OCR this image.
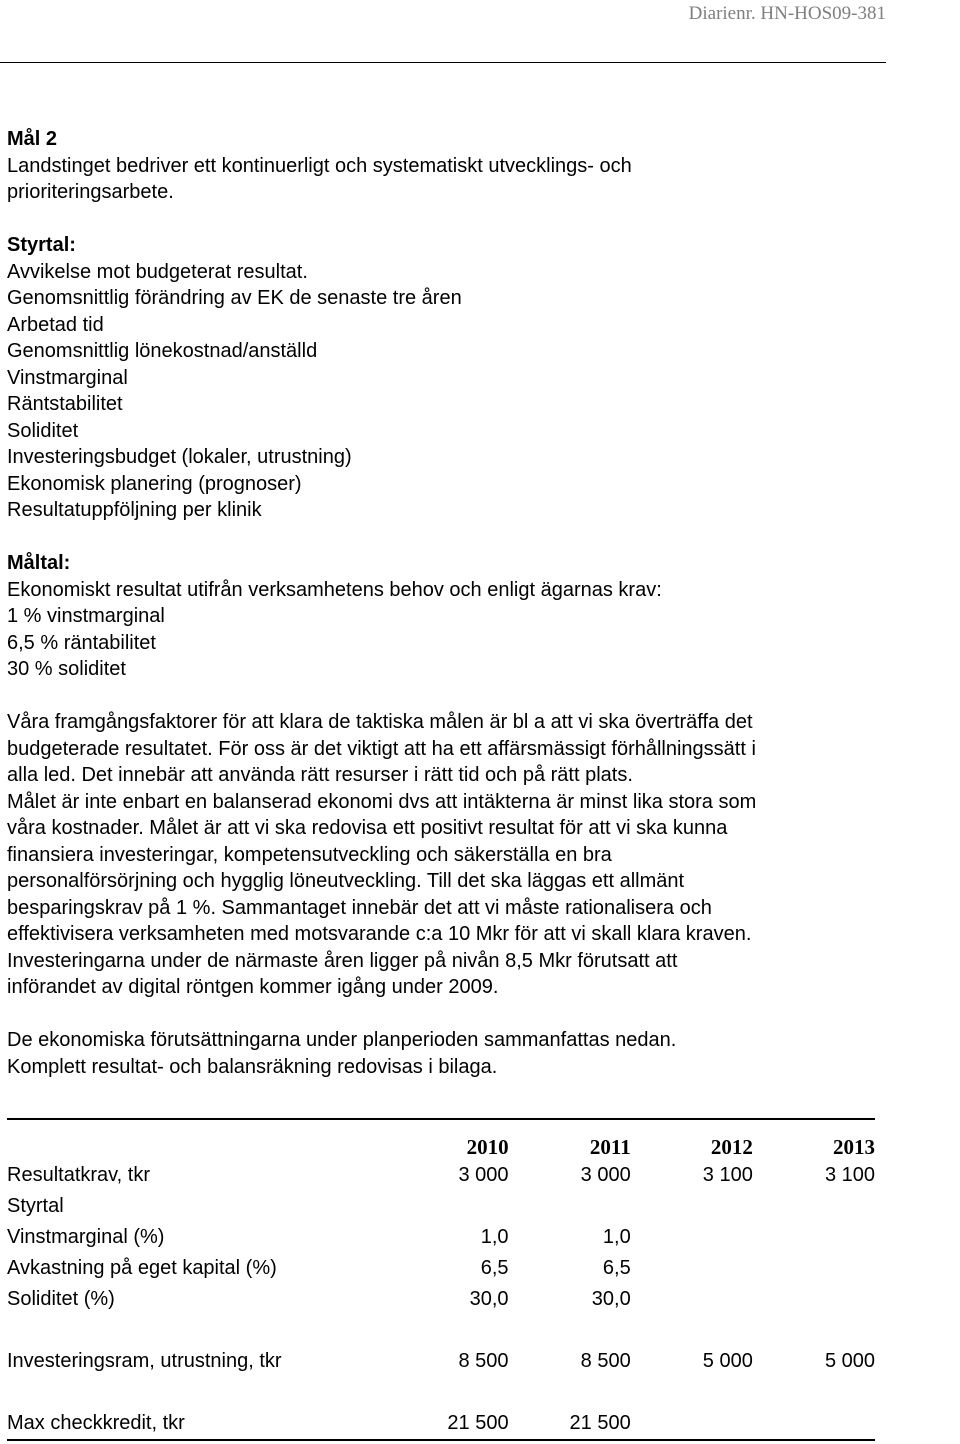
Diarienr. HN-HOS09-381

Mål 2

Landstinget bedriver ett kontinuerligt och systematiskt utvecklings- och

prioriteringsarbete.

Styrtal:

Avvikelse mot budgeterat resultat.

Genomsnittlig förändring av EK de senaste tre åren

Arbetad tid

Genomsnittlig lönekostnad/anställd

Vinstmarginal

Räntstabilitet

Soliditet

Investeringsbudget (lokaler, utrustning)

Ekonomisk planering (prognoser)

Resultatuppföljning per klinik

Måltal:

Ekonomiskt resultat utifrån verksamhetens behov och enligt ägarnas krav:

1 % vinstmarginal

6,5 % räntabilitet

30 % soliditet

Våra framgångsfaktorer för att klara de taktiska målen är bl a att vi ska överträffa det

budgeterade resultatet. För oss är det viktigt att ha ett affärsmässigt förhållningssätt i

alla led. Det innebär att använda rätt resurser i rätt tid och på rätt plats.

Målet är inte enbart en balanserad ekonomi dvs att intäkterna är minst lika stora som

våra kostnader. Målet är att vi ska redovisa ett positivt resultat för att vi ska kunna

finansiera investeringar, kompetensutveckling och säkerställa en bra

personalförsörjning och hygglig löneutveckling. Till det ska läggas ett allmänt

besparingskrav på 1 %. Sammantaget innebär det att vi måste rationalisera och

effektivisera verksamheten med motsvarande c:a 10 Mkr för att vi skall klara kraven.

Investeringarna under de närmaste åren ligger på nivån 8,5 Mkr förutsatt att

införandet av digital röntgen kommer igång under 2009.

De ekonomiska förutsättningarna under planperioden sammanfattas nedan.

Komplett resultat- och balansräkning redovisas i bilaga.

	2010	2011	2012	2013
Resultatkrav, tkr	3 000	3 000	3 100	3 100
Styrtal				
Vinstmarginal (%)	1,0	1,0		
Avkastning på eget kapital (%)	6,5	6,5		
Soliditet (%)	30,0	30,0		

Investeringsram, utrustning, tkr	8 500	8 500	5 000	5 000

Max checkkredit, tkr	21 500	21 500		
